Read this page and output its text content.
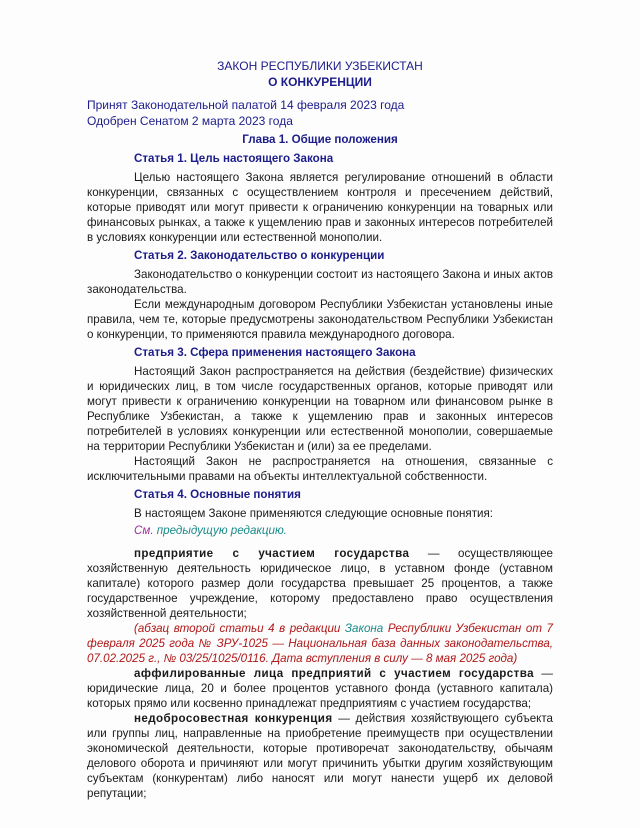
ЗАКОН РЕСПУБЛИКИ УЗБЕКИСТАН
О КОНКУРЕНЦИИ
Принят Законодательной палатой 14 февраля 2023 года
Одобрен Сенатом 2 марта 2023 года
Глава 1. Общие положения
Статья 1. Цель настоящего Закона

Целью настоящего Закона является регулирование отношений в области конкуренции, связанных с осуществлением контроля и пресечением действий, которые приводят или могут привести к ограничению конкуренции на товарных или финансовых рынках, а также к ущемлению прав и законных интересов потребителей в условиях конкуренции или естественной монополии.

Статья 2. Законодательство о конкуренции

Законодательство о конкуренции состоит из настоящего Закона и иных актов законодательства.

Если международным договором Республики Узбекистан установлены иные правила, чем те, которые предусмотрены законодательством Республики Узбекистан о конкуренции, то применяются правила международного договора.

Статья 3. Сфера применения настоящего Закона

Настоящий Закон распространяется на действия (бездействие) физических и юридических лиц, в том числе государственных органов, которые приводят или могут привести к ограничению конкуренции на товарном или финансовом рынке в Республике Узбекистан, а также к ущемлению прав и законных интересов потребителей в условиях конкуренции или естественной монополии, совершаемые на территории Республики Узбекистан и (или) за ее пределами.

Настоящий Закон не распространяется на отношения, связанные с исключительными правами на объекты интеллектуальной собственности.

Статья 4. Основные понятия

В настоящем Законе применяются следующие основные понятия:

См. предыдущую редакцию.

предприятие с участием государства — осуществляющее хозяйственную деятельность юридическое лицо, в уставном фонде (уставном капитале) которого размер доли государства превышает 25 процентов, а также государственное учреждение, которому предоставлено право осуществления хозяйственной деятельности;

(абзац второй статьи 4 в редакции Закона Республики Узбекистан от 7 февраля 2025 года № ЗРУ-1025 — Национальная база данных законодательства, 07.02.2025 г., № 03/25/1025/0116. Дата вступления в силу — 8 мая 2025 года)

аффилированные лица предприятий с участием государства — юридические лица, 20 и более процентов уставного фонда (уставного капитала) которых прямо или косвенно принадлежат предприятиям с участием государства;

недобросовестная конкуренция — действия хозяйствующего субъекта или группы лиц, направленные на приобретение преимуществ при осуществлении экономической деятельности, которые противоречат законодательству, обычаям делового оборота и причиняют или могут причинить убытки другим хозяйствующим субъектам (конкурентам) либо наносят или могут нанести ущерб их деловой репутации;
